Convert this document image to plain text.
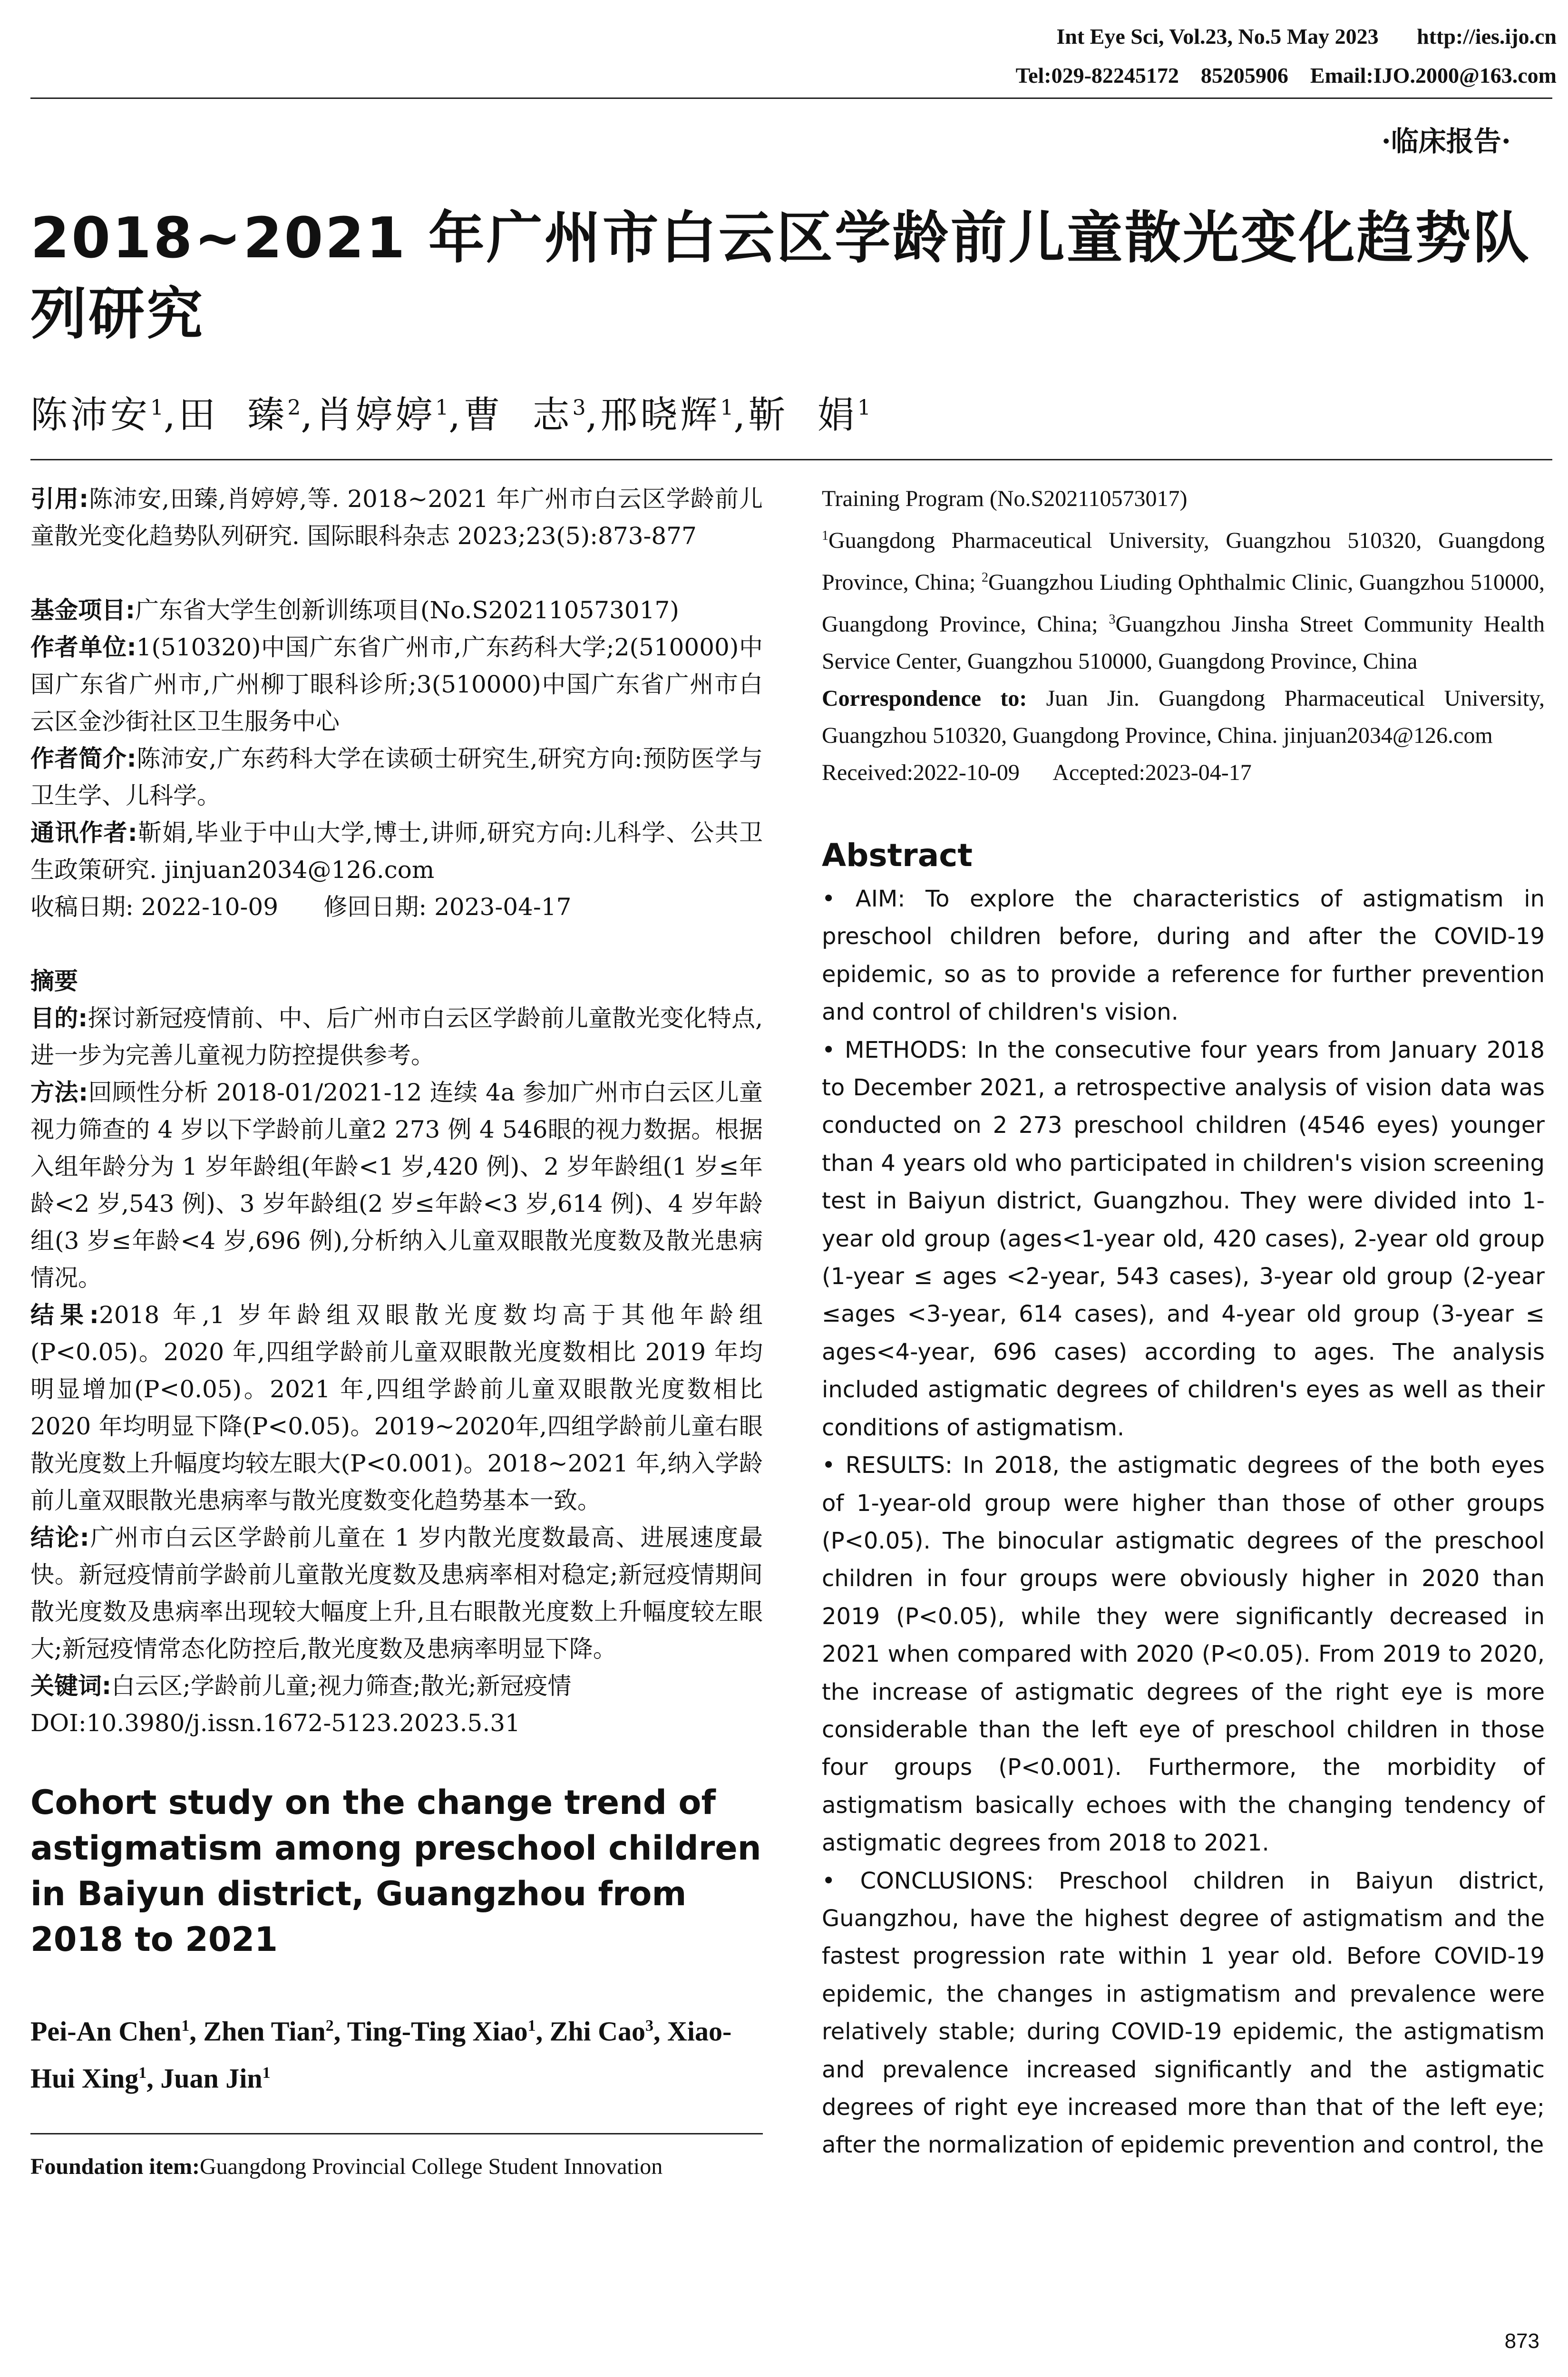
Int Eye Sci, Vol.23, No.5 May 2023       http://ies.ijo.cn
Tel:029-82245172    85205906    Email:IJO.2000@163.com
·临床报告·
2018~2021 年广州市白云区学龄前儿童散光变化趋势队列研究
陈沛安$^1$,田  臻$^2$,肖婷婷$^1$,曹  志$^3$,邢晓辉$^1$,靳  娟$^1$

引用:陈沛安,田臻,肖婷婷,等. 2018~2021 年广州市白云区学龄前儿童散光变化趋势队列研究. 国际眼科杂志 2023;23(5):873-877

基金项目:广东省大学生创新训练项目(No.S202110573017)

作者单位:1(510320)中国广东省广州市,广东药科大学;2(510000)中国广东省广州市,广州柳丁眼科诊所;3(510000)中国广东省广州市白云区金沙街社区卫生服务中心

作者简介:陈沛安,广东药科大学在读硕士研究生,研究方向:预防医学与卫生学、儿科学。

通讯作者:靳娟,毕业于中山大学,博士,讲师,研究方向:儿科学、公共卫生政策研究. jinjuan2034@126.com

收稿日期: 2022-10-09      修回日期: 2023-04-17

摘要

目的:探讨新冠疫情前、中、后广州市白云区学龄前儿童散光变化特点,进一步为完善儿童视力防控提供参考。

方法:回顾性分析 2018-01/2021-12 连续 4a 参加广州市白云区儿童视力筛查的 4 岁以下学龄前儿童2 273 例 4 546眼的视力数据。根据入组年龄分为 1 岁年龄组(年龄<1 岁,420 例)、2 岁年龄组(1 岁≤年龄<2 岁,543 例)、3 岁年龄组(2 岁≤年龄<3 岁,614 例)、4 岁年龄组(3 岁≤年龄<4 岁,696 例),分析纳入儿童双眼散光度数及散光患病情况。

结果:2018 年,1 岁年龄组双眼散光度数均高于其他年龄组(P<0.05)。2020 年,四组学龄前儿童双眼散光度数相比 2019 年均明显增加(P<0.05)。2021 年,四组学龄前儿童双眼散光度数相比 2020 年均明显下降(P<0.05)。2019~2020年,四组学龄前儿童右眼散光度数上升幅度均较左眼大(P<0.001)。2018~2021 年,纳入学龄前儿童双眼散光患病率与散光度数变化趋势基本一致。

结论:广州市白云区学龄前儿童在 1 岁内散光度数最高、进展速度最快。新冠疫情前学龄前儿童散光度数及患病率相对稳定;新冠疫情期间散光度数及患病率出现较大幅度上升,且右眼散光度数上升幅度较左眼大;新冠疫情常态化防控后,散光度数及患病率明显下降。

关键词:白云区;学龄前儿童;视力筛查;散光;新冠疫情

DOI:10.3980/j.issn.1672-5123.2023.5.31

Cohort study on the change trend of astigmatism among preschool children in Baiyun district, Guangzhou from 2018 to 2021
Pei-An Chen$^1$, Zhen Tian$^2$, Ting-Ting Xiao$^1$, Zhi Cao$^3$, Xiao-Hui Xing$^1$, Juan Jin$^1$
Foundation item:Guangdong Provincial College Student Innovation
Training Program (No.S202110573017)
$^1$Guangdong Pharmaceutical University, Guangzhou 510320, Guangdong Province, China; $^2$Guangzhou Liuding Ophthalmic Clinic, Guangzhou 510000, Guangdong Province, China; $^3$Guangzhou Jinsha Street Community Health Service Center, Guangzhou 510000, Guangdong Province, China
Correspondence to: Juan Jin. Guangdong Pharmaceutical University, Guangzhou 510320, Guangdong Province, China. jinjuan2034@126.com
Received:2022-10-09 Accepted:2023-04-17
Abstract

• AIM: To explore the characteristics of astigmatism in preschool children before, during and after the COVID-19 epidemic, so as to provide a reference for further prevention and control of children's vision.

• METHODS: In the consecutive four years from January 2018 to December 2021, a retrospective analysis of vision data was conducted on 2 273 preschool children (4546 eyes) younger than 4 years old who participated in children's vision screening test in Baiyun district, Guangzhou. They were divided into 1-year old group (ages<1-year old, 420 cases), 2-year old group (1-year ≤ ages <2-year, 543 cases), 3-year old group (2-year ≤ages <3-year, 614 cases), and 4-year old group (3-year ≤ ages<4-year, 696 cases) according to ages. The analysis included astigmatic degrees of children's eyes as well as their conditions of astigmatism.

• RESULTS: In 2018, the astigmatic degrees of the both eyes of 1-year-old group were higher than those of other groups (P<0.05). The binocular astigmatic degrees of the preschool children in four groups were obviously higher in 2020 than 2019 (P<0.05), while they were significantly decreased in 2021 when compared with 2020 (P<0.05). From 2019 to 2020, the increase of astigmatic degrees of the right eye is more considerable than the left eye of preschool children in those four groups (P<0.001). Furthermore, the morbidity of astigmatism basically echoes with the changing tendency of astigmatic degrees from 2018 to 2021.

• CONCLUSIONS: Preschool children in Baiyun district, Guangzhou, have the highest degree of astigmatism and the fastest progression rate within 1 year old. Before COVID-19 epidemic, the changes in astigmatism and prevalence were relatively stable; during COVID-19 epidemic, the astigmatism and prevalence increased significantly and the astigmatic degrees of right eye increased more than that of the left eye; after the normalization of epidemic prevention and control, the

873
